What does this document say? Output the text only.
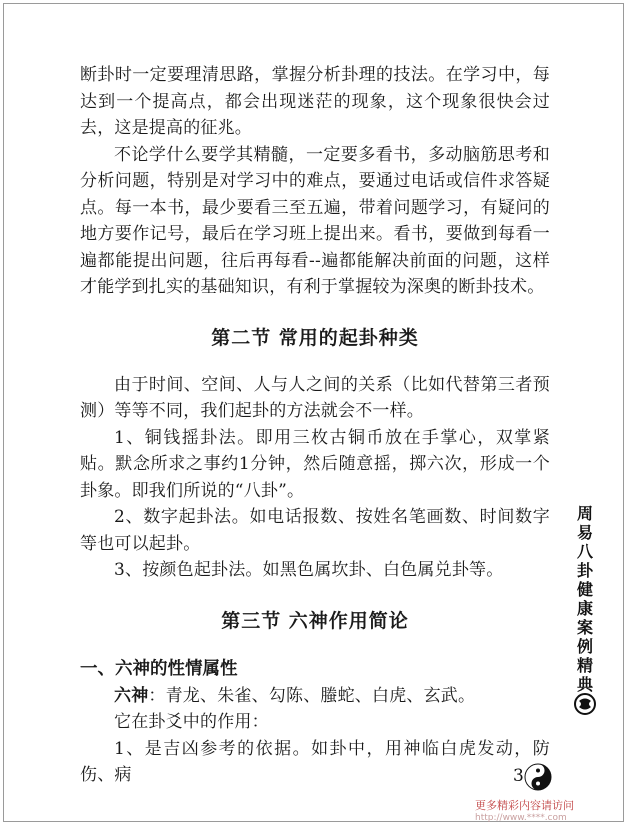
断卦时一定要理清思路，掌握分析卦理的技法。在学习中，每达到一个提高点，都会出现迷茫的现象，这个现象很快会过去，这是提高的征兆。

不论学什么要学其精髓，一定要多看书，多动脑筋思考和分析问题，特别是对学习中的难点，要通过电话或信件求答疑点。每一本书，最少要看三至五遍，带着问题学习，有疑问的地方要作记号，最后在学习班上提出来。看书，要做到每看一遍都能提出问题，往后再每看--遍都能解决前面的问题，这样才能学到扎实的基础知识，有利于掌握较为深奥的断卦技术。

第二节 常用的起卦种类

由于时间、空间、人与人之间的关系（比如代替第三者预测）等等不同，我们起卦的方法就会不一样。

1、铜钱摇卦法。即用三枚古铜币放在手掌心，双掌紧贴。默念所求之事约1分钟，然后随意摇，掷六次，形成一个卦象。即我们所说的“八卦”。

2、数字起卦法。如电话报数、按姓名笔画数、时间数字等也可以起卦。

3、按颜色起卦法。如黑色属坎卦、白色属兑卦等。

第三节 六神作用简论

一、六神的性情属性

六神：青龙、朱雀、勾陈、螣蛇、白虎、玄武。

它在卦爻中的作用：

1、是吉凶参考的依据。如卦中，用神临白虎发动，防伤、病

周
易
八
卦
健
康
案
例
精
典
3
更多精彩内容请访问
http://www.****.com
